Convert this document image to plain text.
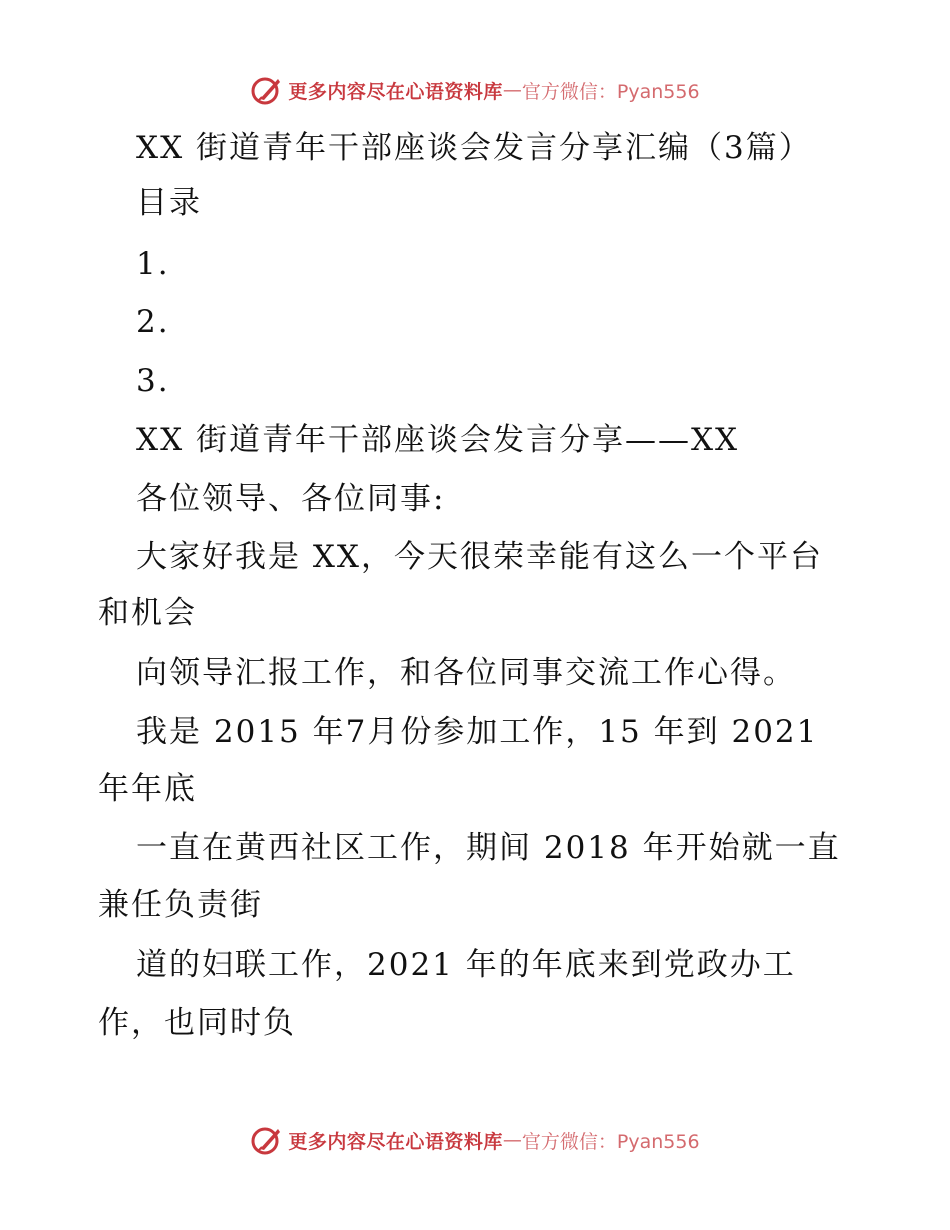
更多内容尽在心语资料库 — 官方微信：Pyan556
XX 街道青年干部座谈会发言分享汇编（3篇）
目录
1.
2.
3.
XX 街道青年干部座谈会发言分享——XX
各位领导、各位同事:
大家好我是 XX，今天很荣幸能有这么一个平台
和机会
向领导汇报工作，和各位同事交流工作心得。
我是 2015 年7月份参加工作，15 年到 2021
年年底
一直在黄西社区工作，期间 2018 年开始就一直
兼任负责街
道的妇联工作，2021 年的年底来到党政办工
作，也同时负
更多内容尽在心语资料库 — 官方微信：Pyan556
